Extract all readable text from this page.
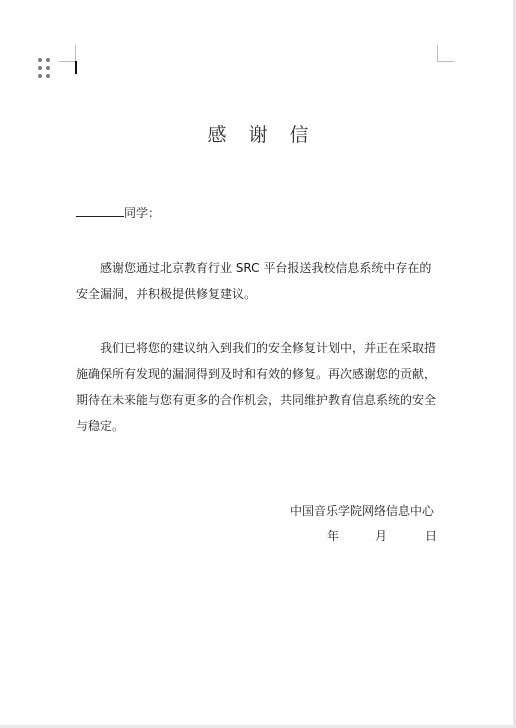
感 谢 信
同学：
感谢您通过北京教育行业 SRC 平台报送我校信息系统中存在的
安全漏洞，并积极提供修复建议。
我们已将您的建议纳入到我们的安全修复计划中，并正在采取措
施确保所有发现的漏洞得到及时和有效的修复。再次感谢您的贡献，
期待在未来能与您有更多的合作机会，共同维护教育信息系统的安全
与稳定。
中国音乐学院网络信息中心
年	月	日
